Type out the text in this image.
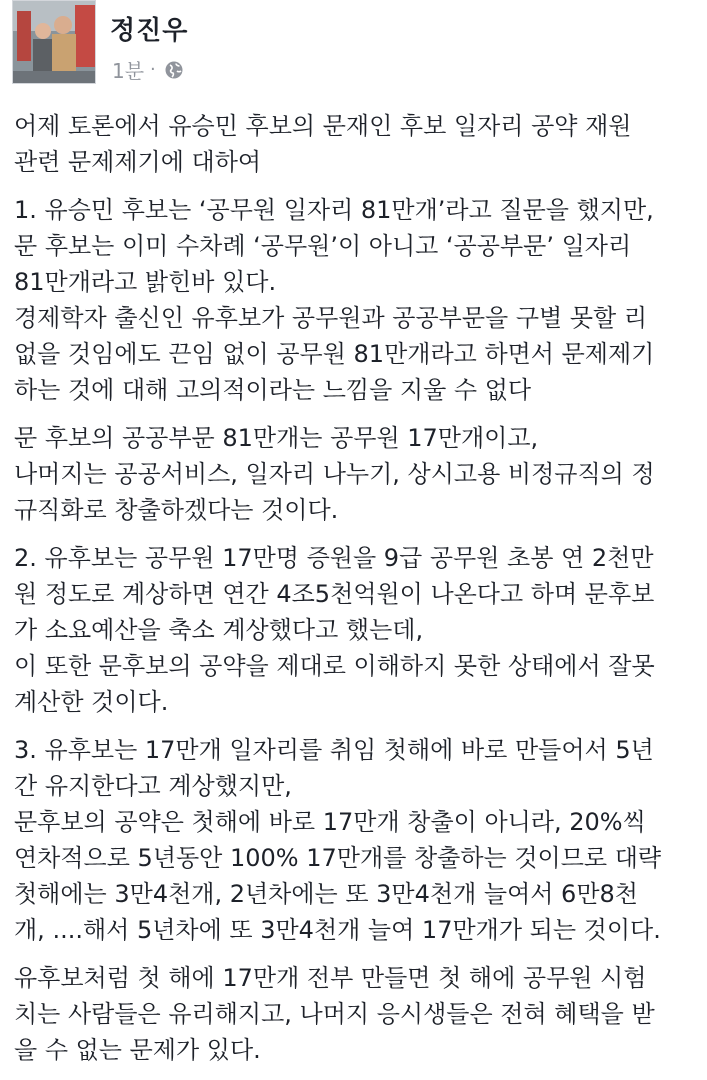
정진우
1분 ·

어제 토론에서 유승민 후보의 문재인 후보 일자리 공약 재원
관련 문제제기에 대하여

1. 유승민 후보는 ‘공무원 일자리 81만개’라고 질문을 했지만,
문 후보는 이미 수차례 ‘공무원’이 아니고 ‘공공부문’ 일자리
81만개라고 밝힌바 있다.
경제학자 출신인 유후보가 공무원과 공공부문을 구별 못할 리
없을 것임에도 끈임 없이 공무원 81만개라고 하면서 문제제기
하는 것에 대해 고의적이라는 느낌을 지울 수 없다

문 후보의 공공부문 81만개는 공무원 17만개이고,
나머지는 공공서비스, 일자리 나누기, 상시고용 비정규직의 정
규직화로 창출하겠다는 것이다.

2. 유후보는 공무원 17만명 증원을 9급 공무원 초봉 연 2천만
원 정도로 계상하면 연간 4조5천억원이 나온다고 하며 문후보
가 소요예산을 축소 계상했다고 했는데,
이 또한 문후보의 공약을 제대로 이해하지 못한 상태에서 잘못
계산한 것이다.

3. 유후보는 17만개 일자리를 취임 첫해에 바로 만들어서 5년
간 유지한다고 계상했지만,
문후보의 공약은 첫해에 바로 17만개 창출이 아니라, 20%씩
연차적으로 5년동안 100% 17만개를 창출하는 것이므로 대략
첫해에는 3만4천개, 2년차에는 또 3만4천개 늘여서 6만8천
개, ....해서 5년차에 또 3만4천개 늘여 17만개가 되는 것이다.

유후보처럼 첫 해에 17만개 전부 만들면 첫 해에 공무원 시험
치는 사람들은 유리해지고, 나머지 응시생들은 전혀 혜택을 받
을 수 없는 문제가 있다.
